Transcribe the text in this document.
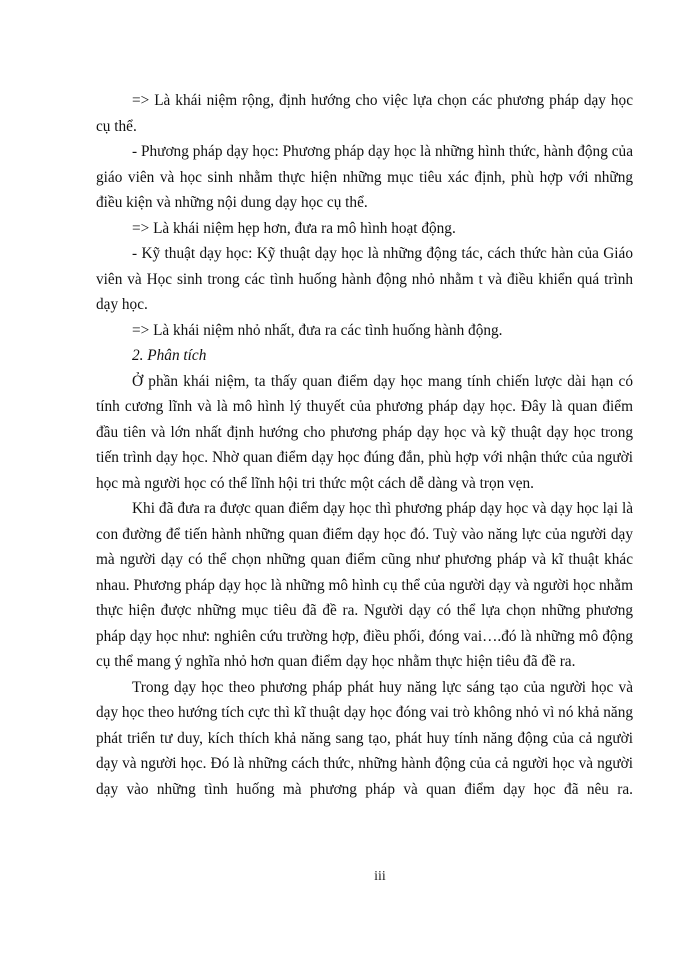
=> Là khái niệm rộng, định hướng cho việc lựa chọn các phương pháp dạy học cụ thể.

- Phương pháp dạy học: Phương pháp dạy học là những hình thức, hành động của giáo viên và học sinh nhằm thực hiện những mục tiêu xác định, phù hợp với những điều kiện và những nội dung dạy học cụ thể.

=> Là khái niệm hẹp hơn, đưa ra mô hình hoạt động.

- Kỹ thuật dạy học: Kỹ thuật dạy học là những động tác, cách thức hàn của Giáo viên và Học sinh trong các tình huống hành động nhỏ nhằm t và điều khiển quá trình dạy học.

=> Là khái niệm nhỏ nhất, đưa ra các tình huống hành động.

2. Phân tích

Ở phần khái niệm, ta thấy quan điểm dạy học mang tính chiến lược dài hạn có tính cương lĩnh và là mô hình lý thuyết của phương pháp dạy học. Đây là quan điểm đầu tiên và lớn nhất định hướng cho phương pháp dạy học và kỹ thuật dạy học trong tiến trình dạy học. Nhờ quan điểm dạy học đúng đắn, phù hợp với nhận thức của người học mà người học có thể lĩnh hội tri thức một cách dễ dàng và trọn vẹn.

Khi đã đưa ra được quan điểm dạy học thì phương pháp dạy học và dạy học lại là con đường để tiến hành những quan điểm dạy học đó. Tuỳ vào năng lực của người dạy mà người dạy có thể chọn những quan điểm cũng như phương pháp và kĩ thuật khác nhau. Phương pháp dạy học là những mô hình cụ thể của người dạy và người học nhằm thực hiện được những mục tiêu đã đề ra. Người dạy có thể lựa chọn những phương pháp dạy học như: nghiên cứu trường hợp, điều phối, đóng vai….đó là những mô động cụ thể mang ý nghĩa nhỏ hơn quan điểm dạy học nhằm thực hiện tiêu đã đề ra.

Trong dạy học theo phương pháp phát huy năng lực sáng tạo của người học và dạy học theo hướng tích cực thì kĩ thuật dạy học đóng vai trò không nhỏ vì nó khả năng phát triển tư duy, kích thích khả năng sang tạo, phát huy tính năng động của cả người dạy và người học. Đó là những cách thức, những hành động của cả người học và người dạy vào những tình huống mà phương pháp và quan điểm dạy học đã nêu ra.

iii
